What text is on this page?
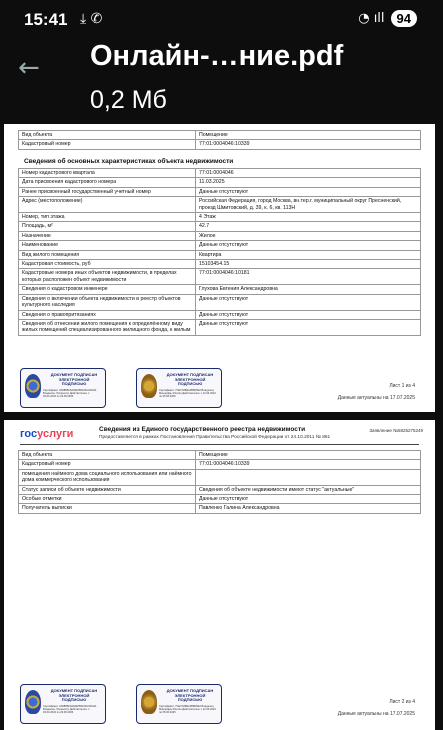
15:41 ⤓ ✆	◔ ıll 94
←	Онлайн-…ние.pdf
0,2 Мб
Вид объекта	Помещение
Кадастровый номер	77:01:0004046:10339
Сведения об основных характеристиках объекта недвижимости
Номер кадастрового квартала	77:01:0004046
Дата присвоения кадастрового номера	11.03.2025
Ранее присвоенный государственный учетный номер	Данные отсутствуют
Адрес (местоположение)	Российская Федерация, город Москва, вн.тер.г. муниципальный округ Пресненский, проезд Шмитовский, д. 39, к. 6, кв. 113Н
Номер, тип этажа	4 Этаж
Площадь, м²	42.7
Назначение	Жилое
Наименование	Данные отсутствуют
Вид жилого помещения	Квартира
Кадастровая стоимость, руб	15103454.15
Кадастровые номера иных объектов недвижимости, в пределах которых расположен объект недвижимости	77:01:0004046:10181
Сведения о кадастровом инженере	Глухова Евгения Александровна
Сведения о включении объекта недвижимости в реестр объектов культурного наследия	Данные отсутствуют
Сведения о правопритязаниях	Данные отсутствуют
Сведения об отнесении жилого помещения к определённому виду жилых помещений специализированного жилищного фонда, к жилым	Данные отсутствуют
ДОКУМЕНТ ПОДПИСАН
ЭЛЕКТРОННОЙ
ПОДПИСЬЮ
Сертификат: 3A9B55F6A94E7B0C0F21D4A1 Владелец: Росреестр Действителен: с 03.04.2024 по 29.06.2026
ДОКУМЕНТ ПОДПИСАН
ЭЛЕКТРОННОЙ
ПОДПИСЬЮ
Сертификат: 7CE7A0B9A1B6D5E2 Владелец: Минцифры России Действителен: с 12.03.2024 по 05.06.2025
Лист 1 из 4
Данные актуальны на 17.07.2025
госуслуги	Сведения из Единого государственного реестра недвижимости
Предоставляется в рамках Постановления Правительства Российской Федерации от 24.10.2011 № 861
Заявление №5825275249
Вид объекта	Помещение
Кадастровый номер	77:01:0004046:10339
помещения наёмного дома социального использования или наёмного дома коммерческого использования	
Статус записи об объекте недвижимости	Сведения об объекте недвижимости имеют статус "актуальные"
Особые отметки	Данные отсутствуют
Получатель выписки	Павленко Галина Александровна
ДОКУМЕНТ ПОДПИСАН
ЭЛЕКТРОННОЙ
ПОДПИСЬЮ
Сертификат: 3A9B55F6A94E7B0C0F21D4A1 Владелец: Росреестр Действителен: с 03.04.2024 по 29.06.2026
ДОКУМЕНТ ПОДПИСАН
ЭЛЕКТРОННОЙ
ПОДПИСЬЮ
Сертификат: 7CE7A0B9A1B6D5E2 Владелец: Минцифры России Действителен: с 12.03.2024 по 05.06.2025
Лист 2 из 4
Данные актуальны на 17.07.2025
